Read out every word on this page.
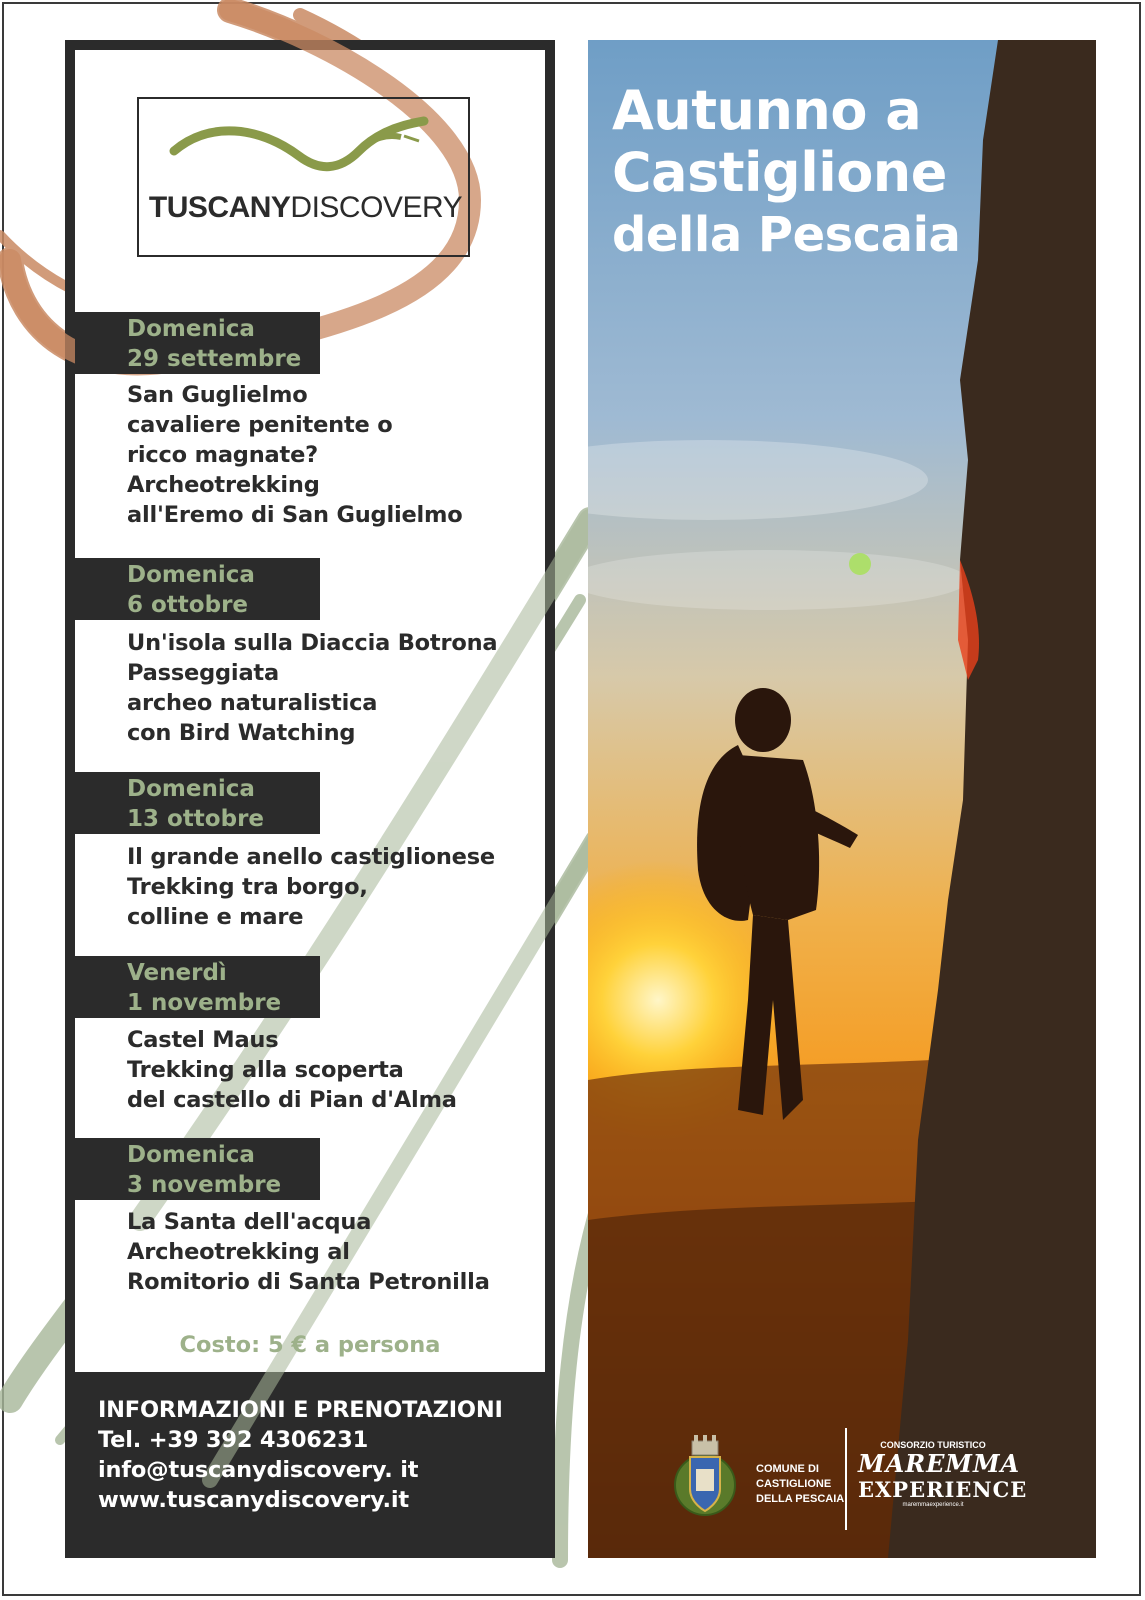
TUSCANYDISCOVERY
Domenica
29 settembre
San Guglielmo
cavaliere penitente o
ricco magnate?
Archeotrekking
all'Eremo di San Guglielmo
Domenica
6 ottobre
Un'isola sulla Diaccia Botrona
Passeggiata
archeo naturalistica
con Bird Watching
Domenica
13 ottobre
Il grande anello castiglionese
Trekking tra borgo,
colline e mare
Venerdì
1 novembre
Castel Maus
Trekking alla scoperta
del castello di Pian d'Alma
Domenica
3 novembre
La Santa dell'acqua
Archeotrekking al
Romitorio di Santa Petronilla
Costo: 5 € a persona
INFORMAZIONI E PRENOTAZIONI
Tel. +39 392 4306231
info@tuscanydiscovery. it
www.tuscanydiscovery.it
Autunno a
Castiglione
della Pescaia
COMUNE DI
CASTIGLIONE
DELLA PESCAIA
CONSORZIO TURISTICO
MAREMMA
EXPERIENCE
maremmaexperience.it
